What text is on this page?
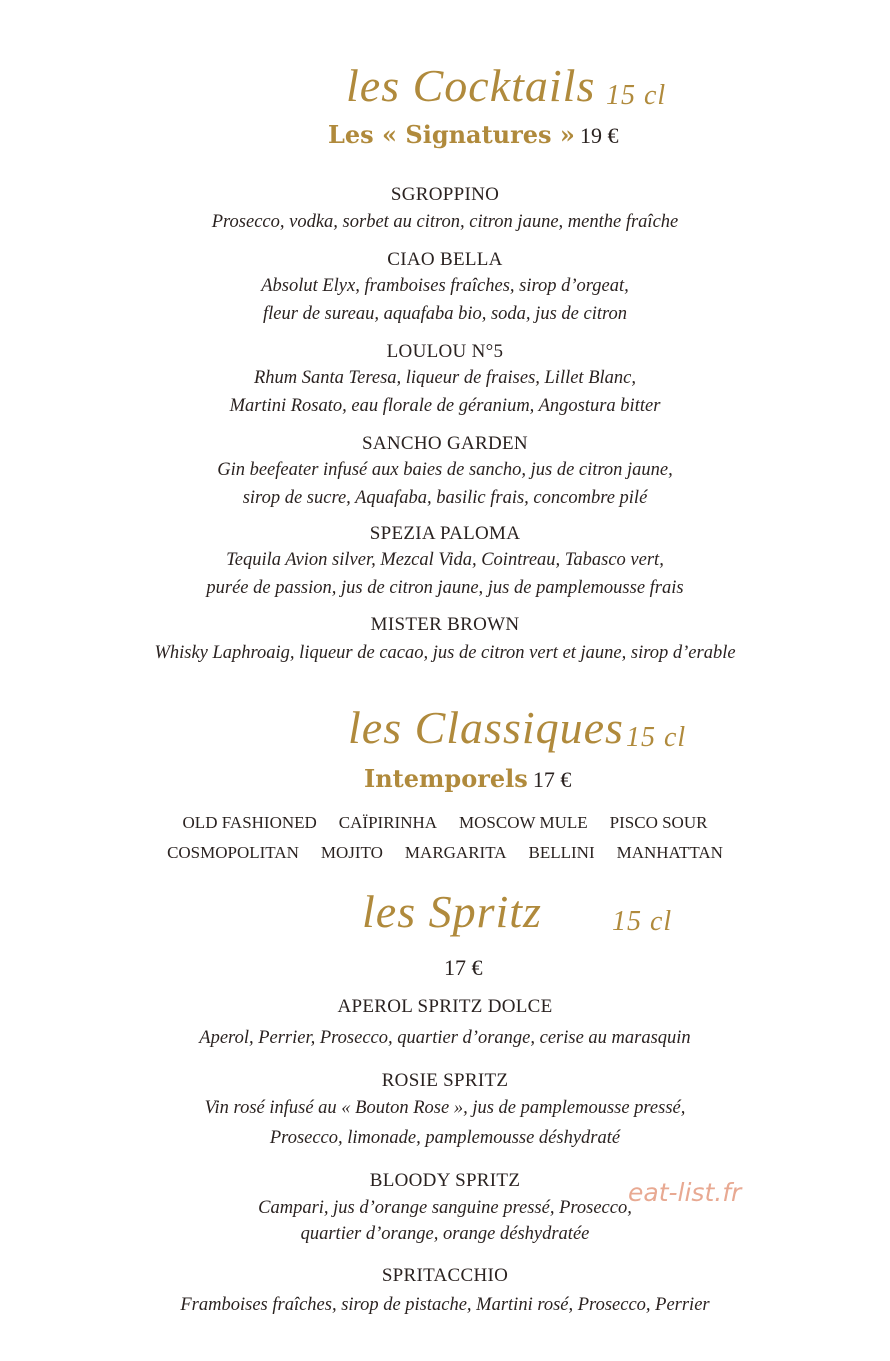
les Cocktails 15 cl
Les « Signatures » 19 €
SGROPPINO
Prosecco, vodka, sorbet au citron, citron jaune, menthe fraîche
CIAO BELLA
Absolut Elyx, framboises fraîches, sirop d’orgeat,
fleur de sureau, aquafaba bio, soda, jus de citron
LOULOU N°5
Rhum Santa Teresa, liqueur de fraises, Lillet Blanc,
Martini Rosato, eau florale de géranium, Angostura bitter
SANCHO GARDEN
Gin beefeater infusé aux baies de sancho, jus de citron jaune,
sirop de sucre, Aquafaba, basilic frais, concombre pilé
SPEZIA PALOMA
Tequila Avion silver, Mezcal Vida, Cointreau, Tabasco vert,
purée de passion, jus de citron jaune, jus de pamplemousse frais
MISTER BROWN
Whisky Laphroaig, liqueur de cacao, jus de citron vert et jaune, sirop d’erable
les Classiques 15 cl
Intemporels 17 €
OLD FASHIONED CAÏPIRINHA MOSCOW MULE PISCO SOUR
COSMOPOLITAN MOJITO MARGARITA BELLINI MANHATTAN
les Spritz	15 cl
17 €
APEROL SPRITZ DOLCE
Aperol, Perrier, Prosecco, quartier d’orange, cerise au marasquin
ROSIE SPRITZ
Vin rosé infusé au « Bouton Rose », jus de pamplemousse pressé,
Prosecco, limonade, pamplemousse déshydraté
BLOODY SPRITZ
Campari, jus d’orange sanguine pressé, Prosecco,
quartier d’orange, orange déshydratée
SPRITACCHIO
Framboises fraîches, sirop de pistache, Martini rosé, Prosecco, Perrier
eat-list.fr
